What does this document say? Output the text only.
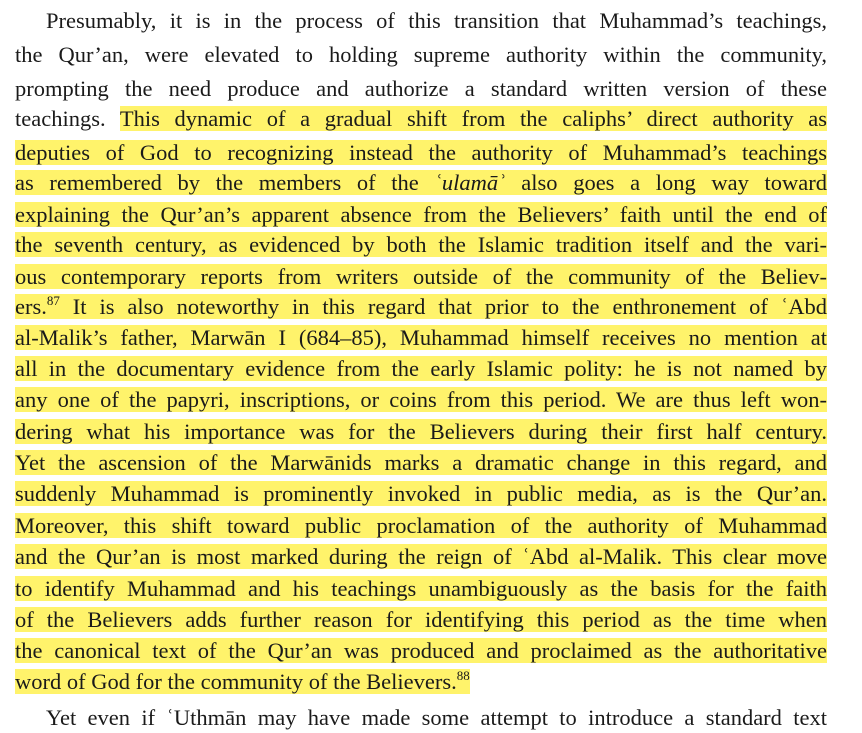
Presumably, it is in the process of this transition that Muhammad’s teachings,
the Qur’an, were elevated to holding supreme authority within the community,
prompting the need produce and authorize a standard written version of these
teachings. This dynamic of a gradual shift from the caliphs’ direct authority as
deputies of God to recognizing instead the authority of Muhammad’s teachings
as remembered by the members of the ʿulamāʾ also goes a long way toward
explaining the Qur’an’s apparent absence from the Believers’ faith until the end of
the seventh century, as evidenced by both the Islamic tradition itself and the vari-
ous contemporary reports from writers outside of the community of the Believ-
ers.$^{87}$ It is also noteworthy in this regard that prior to the enthronement of ʿAbd
al-Malik’s father, Marwān I (684–85), Muhammad himself receives no mention at
all in the documentary evidence from the early Islamic polity: he is not named by
any one of the papyri, inscriptions, or coins from this period. We are thus left won-
dering what his importance was for the Believers during their first half century.
Yet the ascension of the Marwānids marks a dramatic change in this regard, and
suddenly Muhammad is prominently invoked in public media, as is the Qur’an.
Moreover, this shift toward public proclamation of the authority of Muhammad
and the Qur’an is most marked during the reign of ʿAbd al-Malik. This clear move
to identify Muhammad and his teachings unambiguously as the basis for the faith
of the Believers adds further reason for identifying this period as the time when
the canonical text of the Qur’an was produced and proclaimed as the authoritative
word of God for the community of the Believers.$^{88}$
Yet even if ʿUthmān may have made some attempt to introduce a standard text
